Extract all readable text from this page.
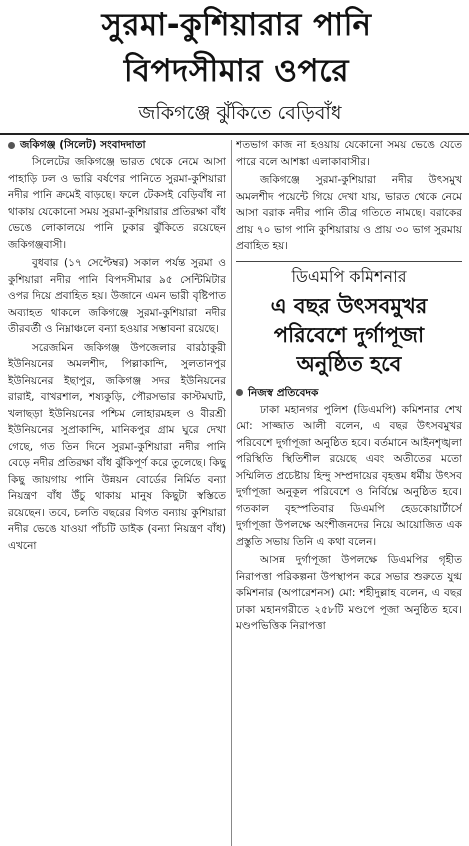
সুরমা-কুশিয়ারার পানি
বিপদসীমার ওপরে
জকিগঞ্জে ঝুঁকিতে বেড়িবাঁধ
জকিগঞ্জ (সিলেট) সংবাদদাতা

সিলেটের জকিগঞ্জে ভারত থেকে নেমে আসা পাহাড়ি ঢল ও ভারি বর্ষণের পানিতে সুরমা-কুশিয়ারা নদীর পানি ক্রমেই বাড়ছে। ফলে টেকসই বেড়িবাঁধ না থাকায় যেকোনো সময় সুরমা-কুশিয়ারার প্রতিরক্ষা বাঁধ ভেঙে লোকালয়ে পানি ঢুকার ঝুঁকিতে রয়েছেন জকিগঞ্জবাসী।

বুধবার (১৭ সেপ্টেম্বর) সকাল পর্যন্ত সুরমা ও কুশিয়ারা নদীর পানি বিপদসীমার ৯৫ সেন্টিমিটার ওপর দিয়ে প্রবাহিত হয়। উজানে এমন ভারী বৃষ্টিপাত অব্যাহত থাকলে জকিগঞ্জে সুরমা-কুশিয়ারা নদীর তীরবর্তী ও নিম্নাঞ্চলে বন্যা হওয়ার সম্ভাবনা রয়েছে।

সরেজমিন জকিগঞ্জ উপজেলার বারঠাকুরী ইউনিয়নের অমলশীদ, পিল্লাকান্দি, সুলতানপুর ইউনিয়নের ইছাপুর, জকিগঞ্জ সদর ইউনিয়নের রারাই, বাখরশাল, শষ্যকুড়ি, পৌরসভার কাস্টমঘাট, খলাছড়া ইউনিয়নের পশ্চিম লোহারমহল ও বীরশ্রী ইউনিয়নের সুপ্রাকান্দি, মানিকপুর গ্রাম ঘুরে দেখা গেছে, গত তিন দিনে সুরমা-কুশিয়ারা নদীর পানি বেড়ে নদীর প্রতিরক্ষা বাঁধ ঝুঁকিপূর্ণ করে তুলেছে। কিছু কিছু জায়গায় পানি উন্নয়ন বোর্ডের নির্মিত বন্যা নিয়ন্ত্রণ বাঁধ উঁচু থাকায় মানুষ কিছুটা স্বস্তিতে রয়েছেন। তবে, চলতি বছরের বিগত বন্যায় কুশিয়ারা নদীর ভেঙে যাওয়া পাঁচটি ডাইক (বন্যা নিয়ন্ত্রণ বাঁধ) এখনো

শতভাগ কাজ না হওয়ায় যেকোনো সময় ভেঙে যেতে পারে বলে আশঙ্কা এলাকাবাসীর।

জকিগঞ্জে সুরমা-কুশিয়ারা নদীর উৎসমুখ অমলশীদ পয়েন্টে গিয়ে দেখা যায়, ভারত থেকে নেমে আসা বরাক নদীর পানি তীব্র গতিতে নামছে। বরাকের প্রায় ৭০ ভাগ পানি কুশিয়ারায় ও প্রায় ৩০ ভাগ সুরমায় প্রবাহিত হয়।

ডিএমপি কমিশনার
এ বছর উৎসবমুখর
পরিবেশে দুর্গাপূজা
অনুষ্ঠিত হবে
নিজস্ব প্রতিবেদক

ঢাকা মহানগর পুলিশ (ডিএমপি) কমিশনার শেখ মো: সাজ্জাত আলী বলেন, এ বছর উৎসবমুখর পরিবেশে দুর্গাপূজা অনুষ্ঠিত হবে। বর্তমানে আইনশৃঙ্খলা পরিস্থিতি স্থিতিশীল রয়েছে এবং অতীতের মতো সম্মিলিত প্রচেষ্টায় হিন্দু সম্প্রদায়ের বৃহত্তম ধর্মীয় উৎসব দুর্গাপূজা অনুকূল পরিবেশে ও নির্বিঘ্নে অনুষ্ঠিত হবে। গতকাল বৃহস্পতিবার ডিএমপি হেডকোয়ার্টার্সে দুর্গাপূজা উপলক্ষে অংশীজনদের নিয়ে আয়োজিত এক প্রস্তুতি সভায় তিনি এ কথা বলেন।

আসন্ন দুর্গাপূজা উপলক্ষে ডিএমপির গৃহীত নিরাপত্তা পরিকল্পনা উপস্থাপন করে সভার শুরুতে যুগ্ম কমিশনার (অপারেশনস) মো: শহীদুল্লাহ বলেন, এ বছর ঢাকা মহানগরীতে ২৫৮টি মণ্ডপে পূজা অনুষ্ঠিত হবে। মণ্ডপভিত্তিক নিরাপত্তা
